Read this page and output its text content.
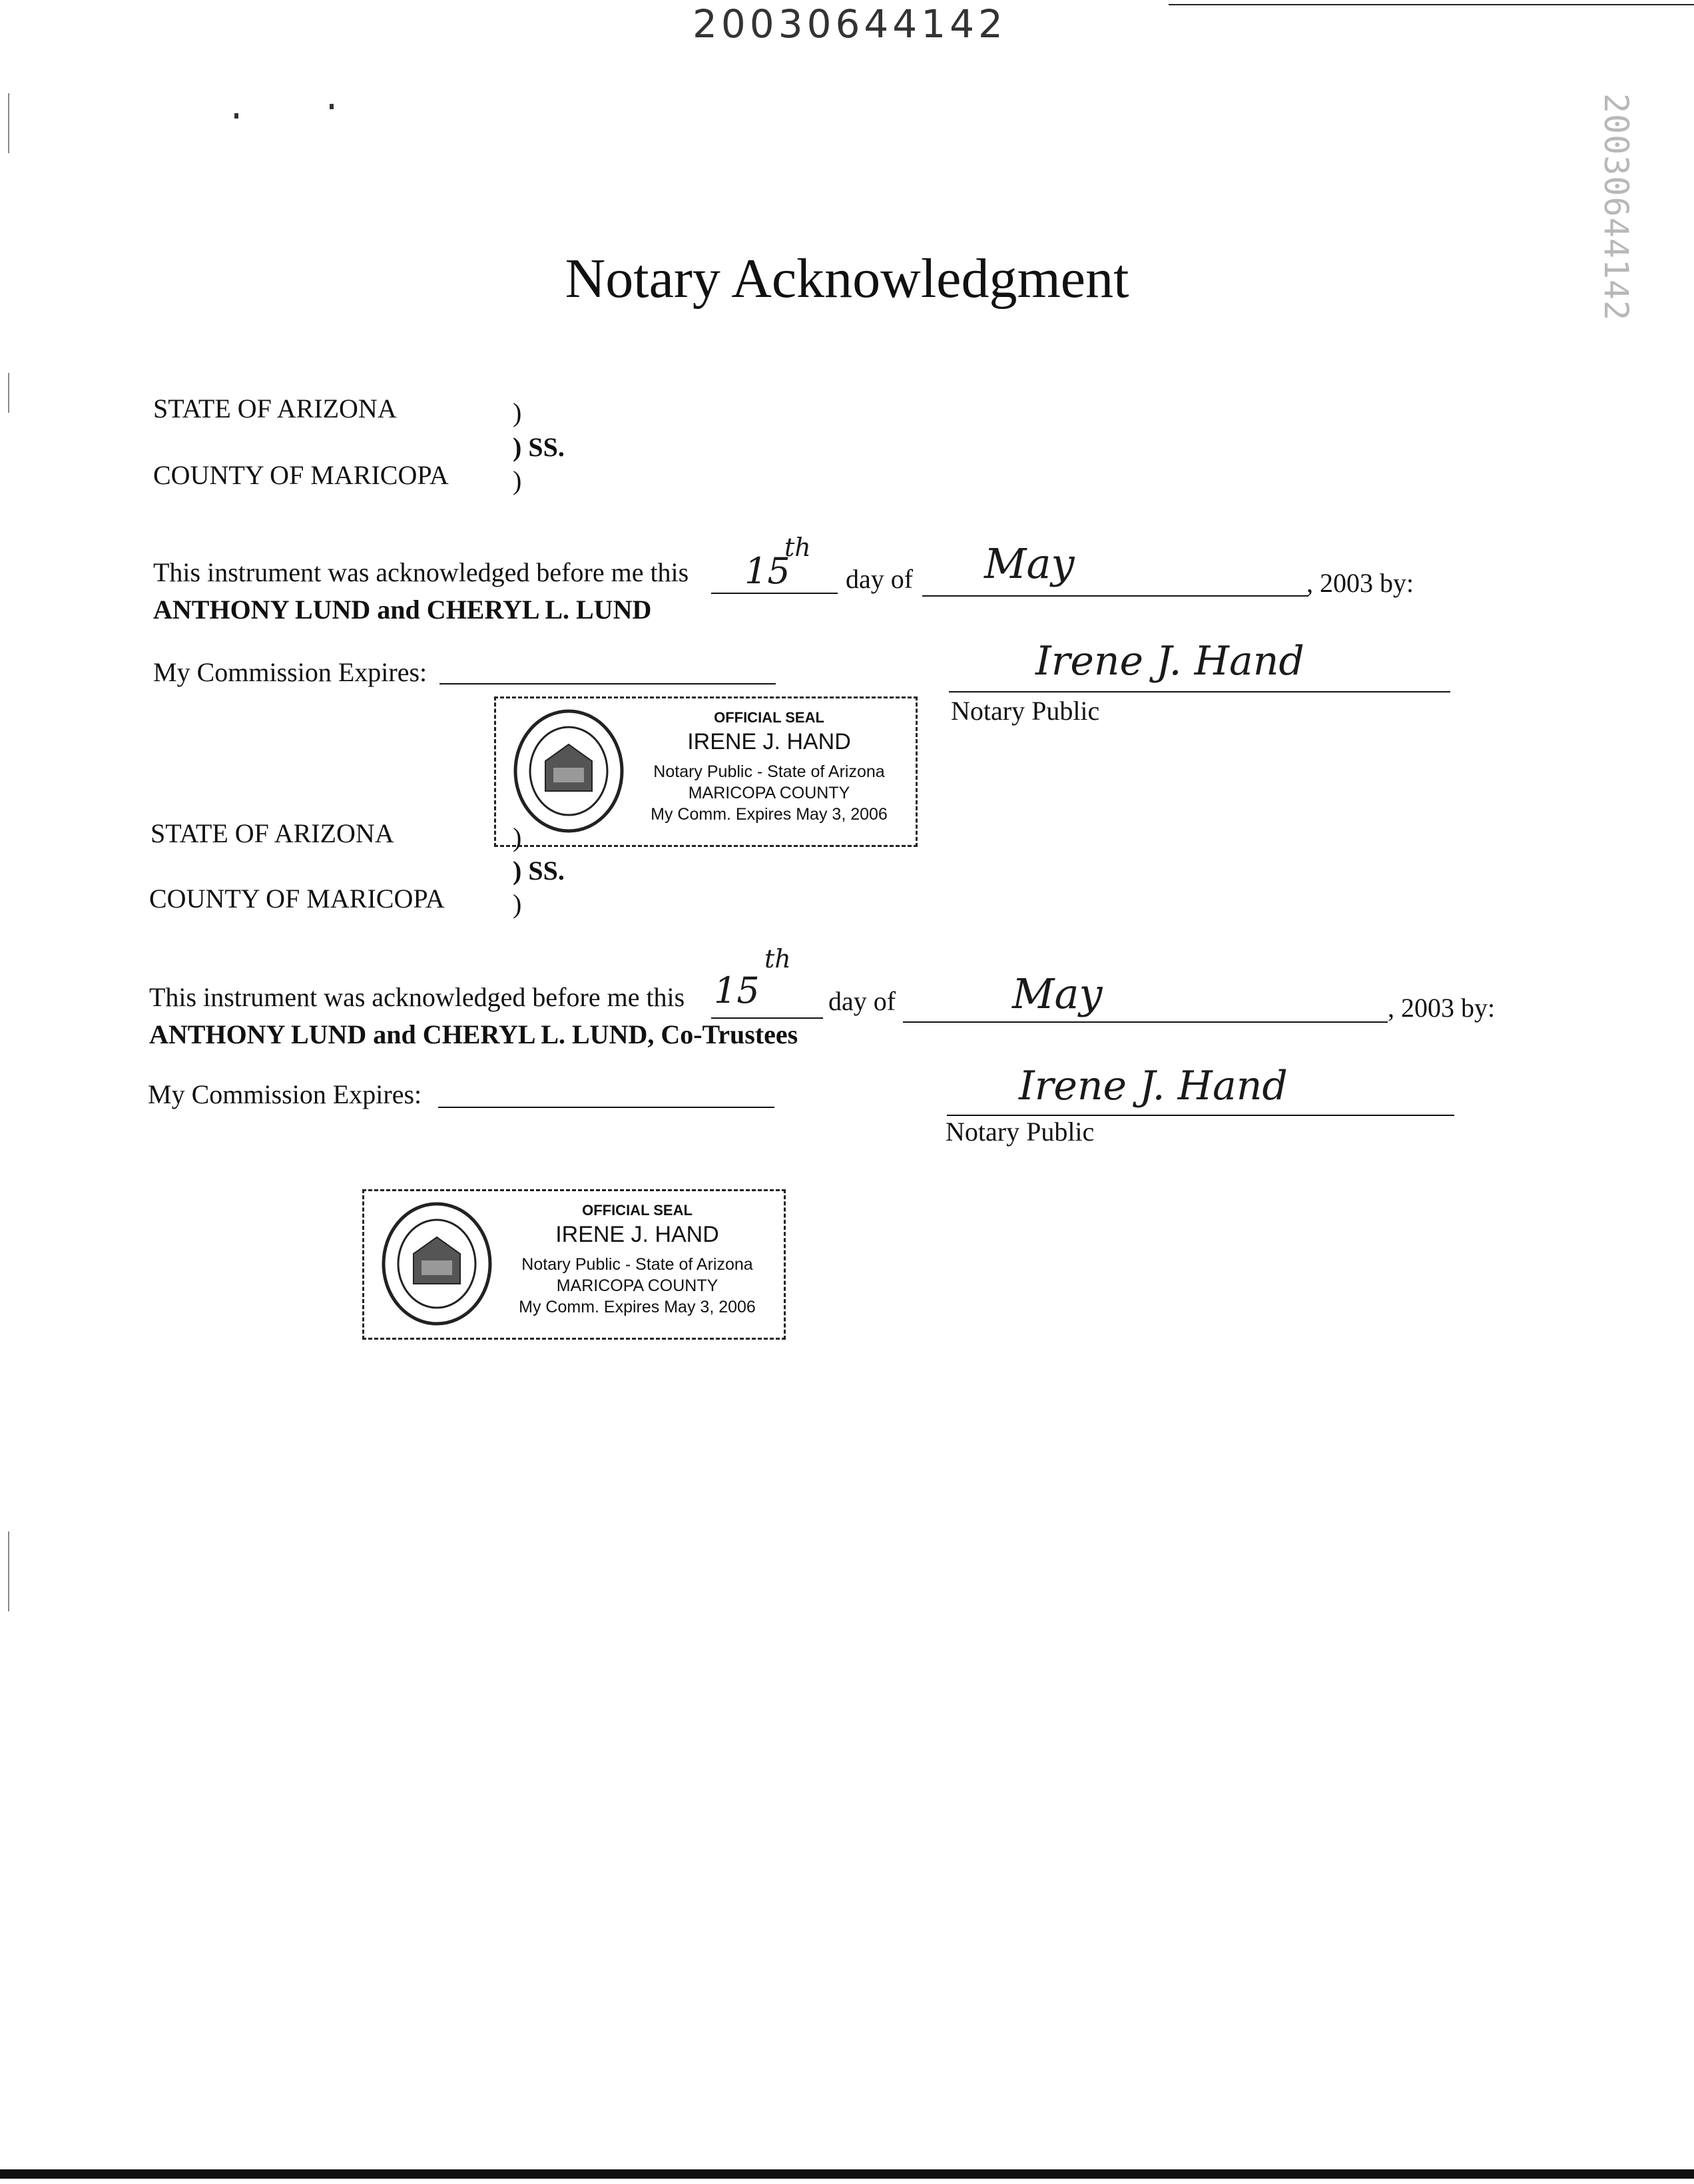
20030644142
20030644142
Notary Acknowledgment
STATE OF ARIZONA	)
) SS.
COUNTY OF MARICOPA )
This instrument was acknowledged before me this 15
th
day of May	, 2003 by:
ANTHONY LUND and CHERYL L. LUND
My Commission Expires:	Irene J. Hand
Notary Public
OFFICIAL SEAL
IRENE J. HAND
Notary Public - State of Arizona
MARICOPA COUNTY
My Comm. Expires May 3, 2006
STATE OF ARIZONA	)
) SS.
COUNTY OF MARICOPA	)
This instrument was acknowledged before me this 15
th
day of	May	, 2003 by:
ANTHONY LUND and CHERYL L. LUND, Co-Trustees
My Commission Expires:	Irene J. Hand
Notary Public
OFFICIAL SEAL
IRENE J. HAND
Notary Public - State of Arizona
MARICOPA COUNTY
My Comm. Expires May 3, 2006
